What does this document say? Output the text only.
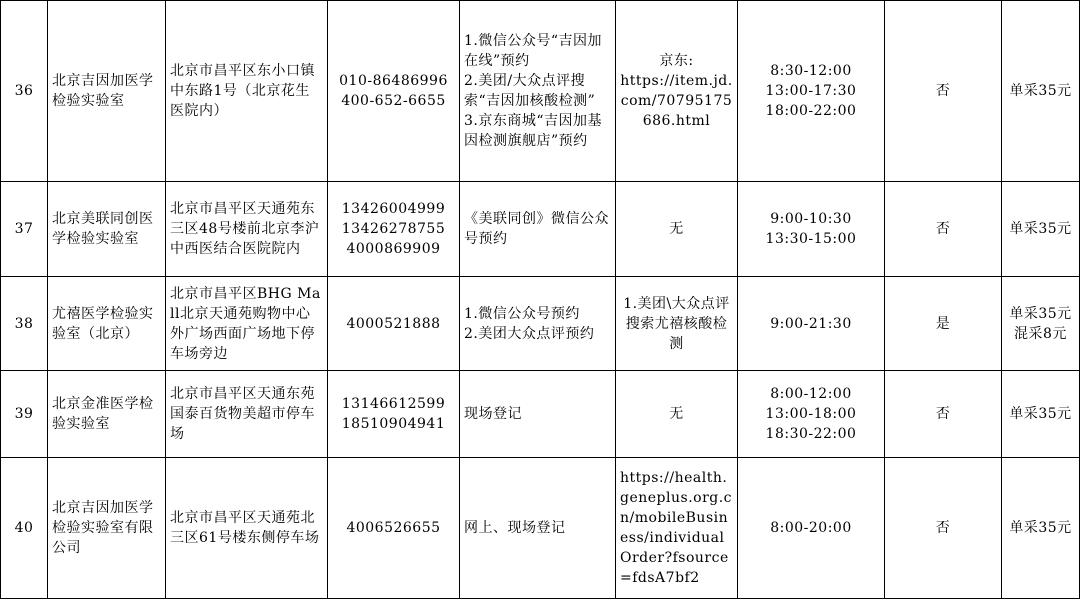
36	北京吉因加医学检验实验室	北京市昌平区东小口镇中东路1号（北京花生医院内）	010-86486996
400-652-6655	1.微信公众号“吉因加在线”预约
2.美团/大众点评搜索“吉因加核酸检测”
3.京东商城“吉因加基因检测旗舰店”预约	京东:
https://item.jd.com/70795175686.html	8:30-12:00
13:00-17:30
18:00-22:00	否	单采35元

37	北京美联同创医学检验实验室	北京市昌平区天通苑东三区48号楼前北京李沪中西医结合医院院内	13426004999
13426278755
4000869909	《美联同创》微信公众号预约	无	9:00-10:30
13:30-15:00	否	单采35元

38	尤禧医学检验实验室（北京）	北京市昌平区BHG Mall北京天通苑购物中心外广场西面广场地下停车场旁边	4000521888	1.微信公众号预约
2.美团大众点评预约	1.美团\大众点评搜索尤禧核酸检测	9:00-21:30	是	单采35元
混采8元

39	北京金准医学检验实验室	北京市昌平区天通东苑国泰百货物美超市停车场	13146612599
18510904941	现场登记	无	8:00-12:00
13:00-18:00
18:30-22:00	否	单采35元

40	北京吉因加医学检验实验室有限公司	北京市昌平区天通苑北三区61号楼东侧停车场	4006526655	网上、现场登记	https://health.geneplus.org.cn/mobileBusiness/individualOrder?fsource=fdsA7bf2	8:00-20:00	否	单采35元
